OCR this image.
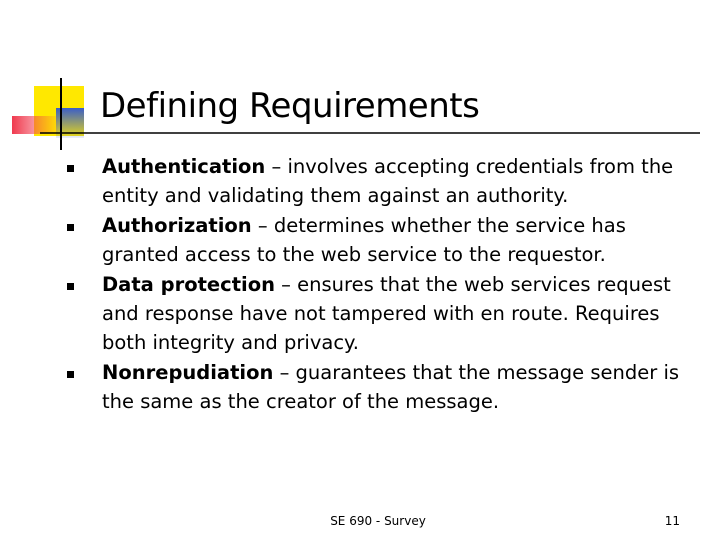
Defining Requirements
Authentication – involves accepting credentials from the entity and validating them against an authority.
Authorization – determines whether the service has granted access to the web service to the requestor.
Data protection – ensures that the web services request and response have not tampered with en route. Requires both integrity and privacy.
Nonrepudiation – guarantees that the message sender is the same as the creator of the message.
SE 690 - Survey	11
